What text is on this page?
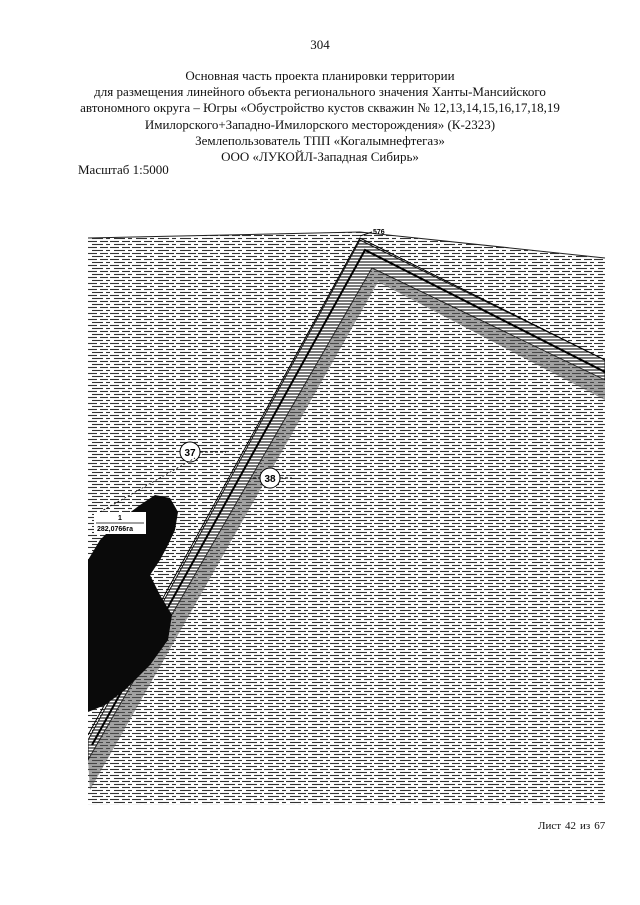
304
Основная часть проекта планировки территории
для размещения линейного объекта регионального значения Ханты-Мансийского
автономного округа – Югры «Обустройство кустов скважин № 12,13,14,15,16,17,18,19
Имилорского+Западно-Имилорского месторождения» (К-2323)
Землепользователь ТПП «Когалымнефтегаз»
ООО «ЛУКОЙЛ-Западная Сибирь»
Масштаб 1:5000
576
37
38
1
282,0766га
Лист 42 из 67
